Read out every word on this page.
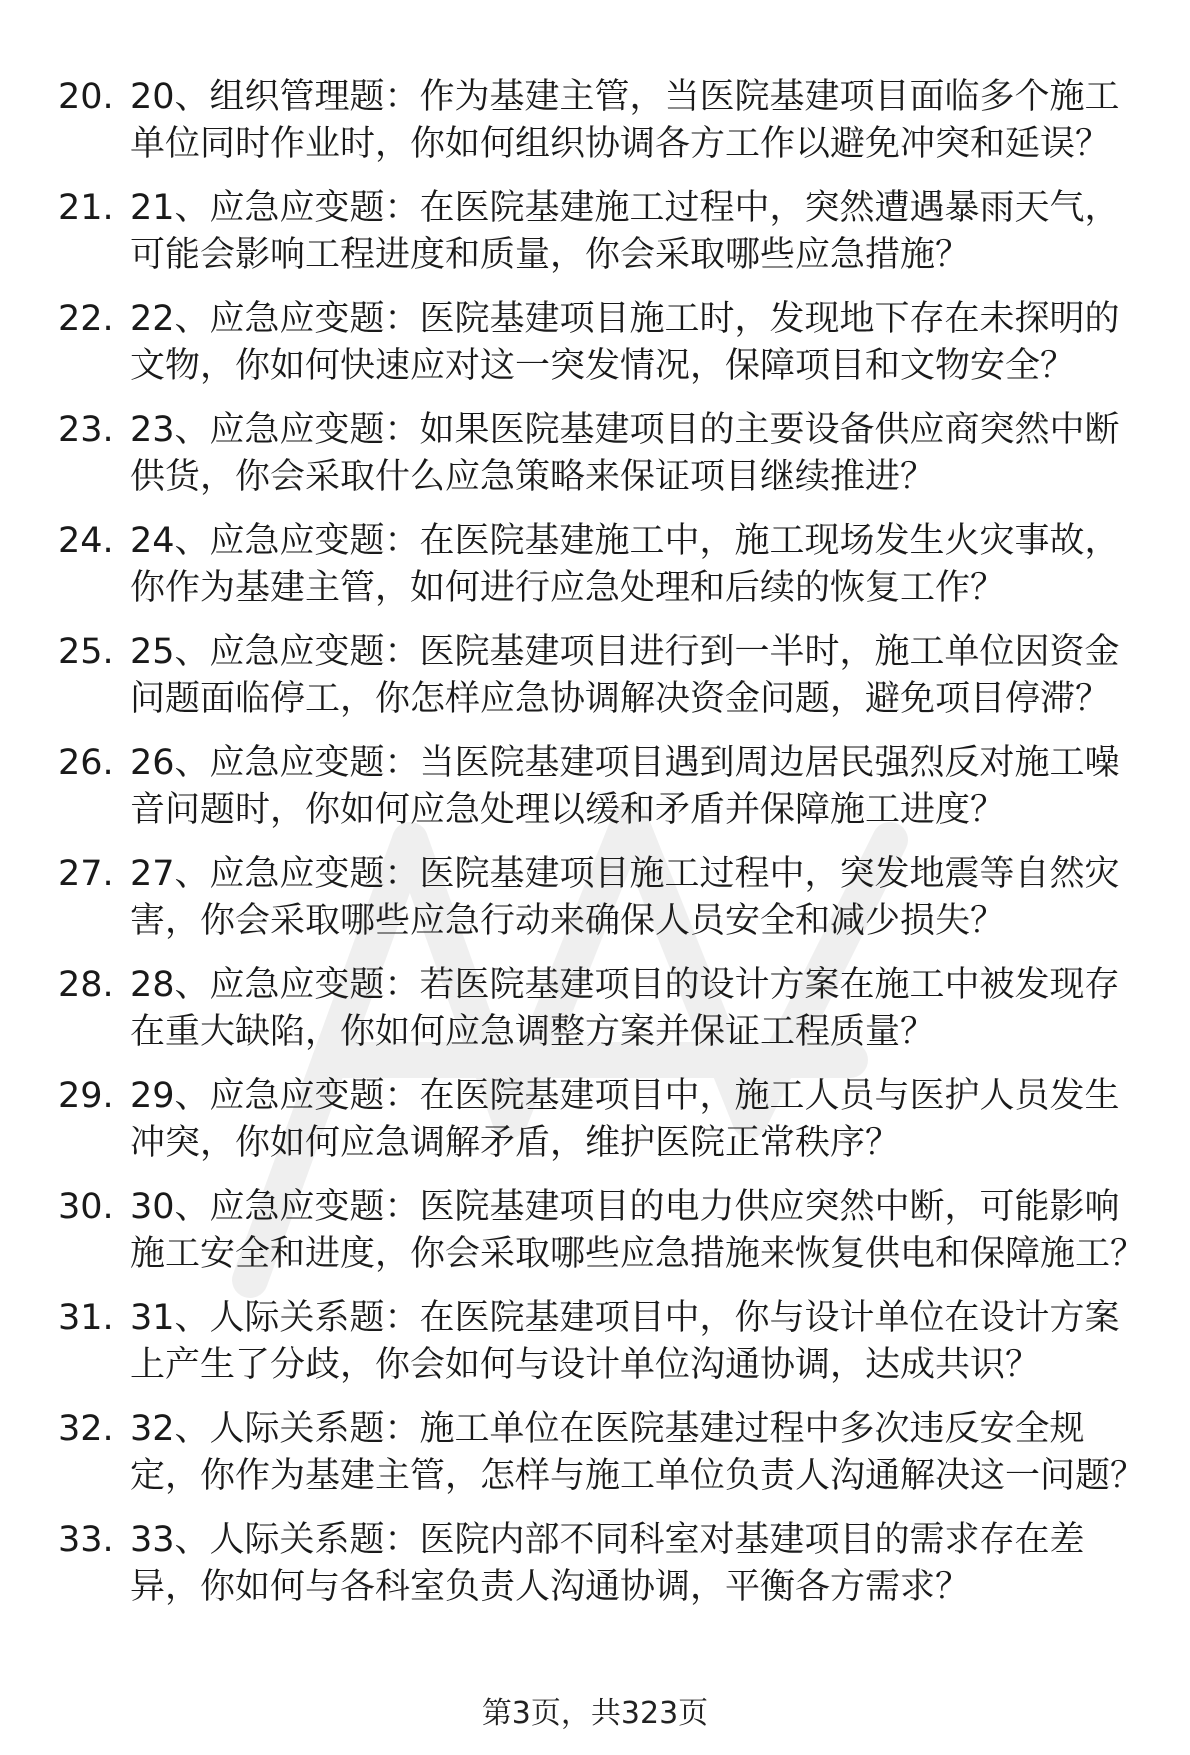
20. 20、组织管理题：作为基建主管，当医院基建项目面临多个施工单位同时作业时，你如何组织协调各方工作以避免冲突和延误？
21. 21、应急应变题：在医院基建施工过程中，突然遭遇暴雨天气，可能会影响工程进度和质量，你会采取哪些应急措施？
22. 22、应急应变题：医院基建项目施工时，发现地下存在未探明的文物，你如何快速应对这一突发情况，保障项目和文物安全？
23. 23、应急应变题：如果医院基建项目的主要设备供应商突然中断供货，你会采取什么应急策略来保证项目继续推进？
24. 24、应急应变题：在医院基建施工中，施工现场发生火灾事故，你作为基建主管，如何进行应急处理和后续的恢复工作？
25. 25、应急应变题：医院基建项目进行到一半时，施工单位因资金问题面临停工，你怎样应急协调解决资金问题，避免项目停滞？
26. 26、应急应变题：当医院基建项目遇到周边居民强烈反对施工噪音问题时，你如何应急处理以缓和矛盾并保障施工进度？
27. 27、应急应变题：医院基建项目施工过程中，突发地震等自然灾害，你会采取哪些应急行动来确保人员安全和减少损失？
28. 28、应急应变题：若医院基建项目的设计方案在施工中被发现存在重大缺陷，你如何应急调整方案并保证工程质量？
29. 29、应急应变题：在医院基建项目中，施工人员与医护人员发生冲突，你如何应急调解矛盾，维护医院正常秩序？
30. 30、应急应变题：医院基建项目的电力供应突然中断，可能影响施工安全和进度，你会采取哪些应急措施来恢复供电和保障施工？
31. 31、人际关系题：在医院基建项目中，你与设计单位在设计方案上产生了分歧，你会如何与设计单位沟通协调，达成共识？
32. 32、人际关系题：施工单位在医院基建过程中多次违反安全规定，你作为基建主管，怎样与施工单位负责人沟通解决这一问题？
33. 33、人际关系题：医院内部不同科室对基建项目的需求存在差异，你如何与各科室负责人沟通协调，平衡各方需求？
第3页，共323页
